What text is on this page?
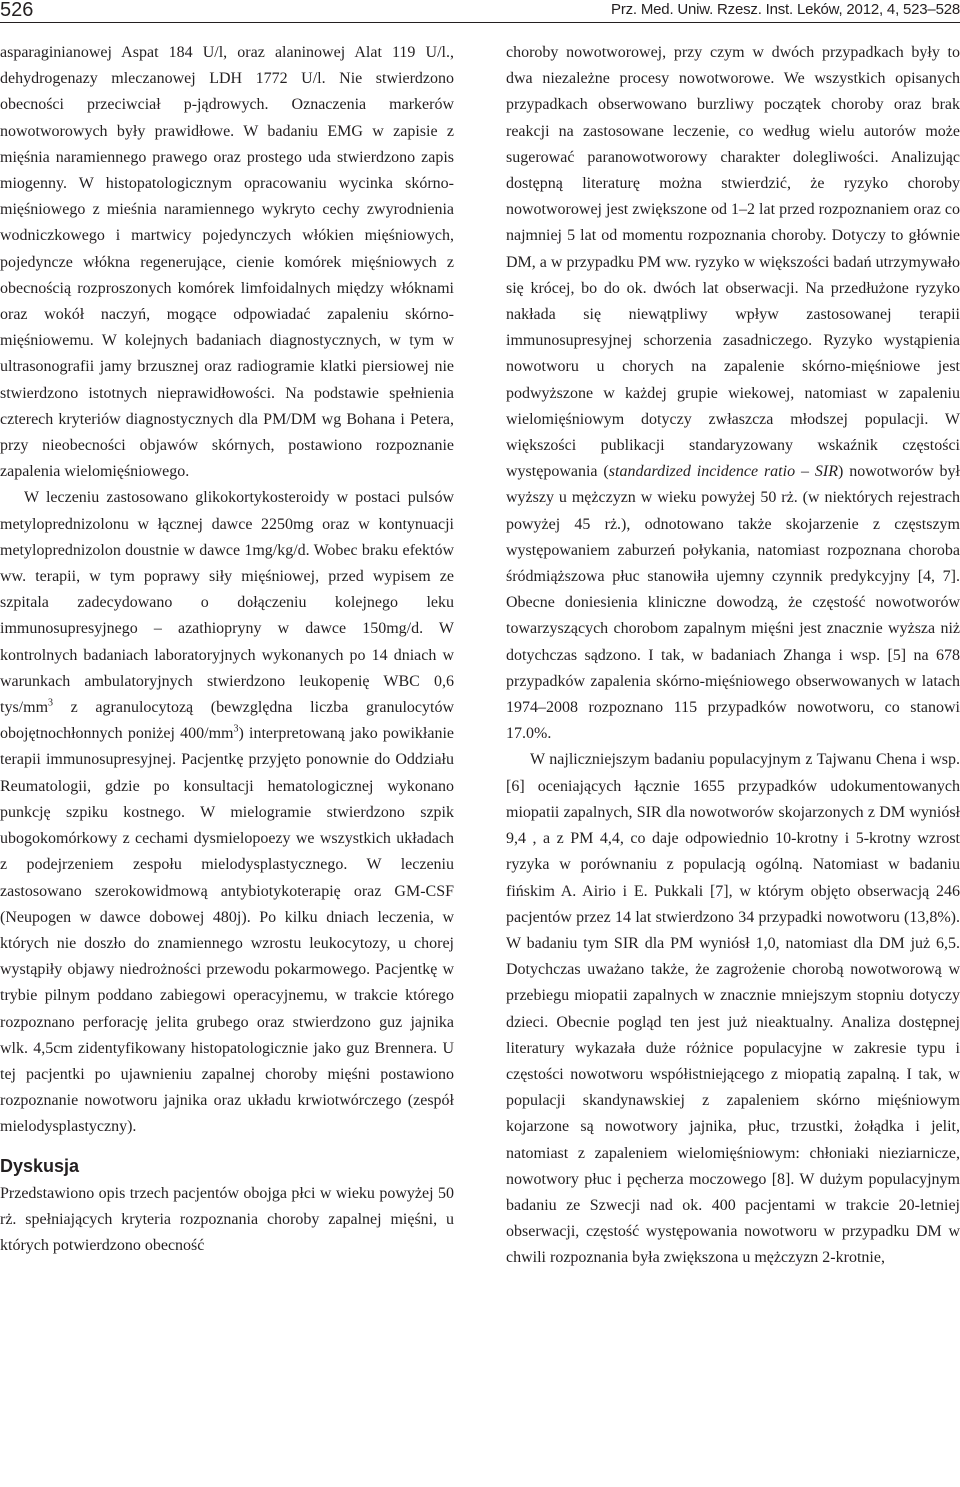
526	Prz. Med. Uniw. Rzesz. Inst. Leków, 2012, 4, 523–528

asparaginianowej Aspat 184 U/l, oraz alaninowej Alat 119 U/l., dehydrogenazy mleczanowej LDH 1772 U/l. Nie stwierdzono obecności przeciwciał p-jądrowych. Oznaczenia markerów nowotworowych były prawidłowe. W badaniu EMG w zapisie z mięśnia naramiennego prawego oraz prostego uda stwierdzono zapis miogenny. W histopatologicznym opracowaniu wycinka skórno-mięśniowego z mieśnia naramiennego wykryto cechy zwyrodnienia wodniczkowego i martwicy pojedynczych włókien mięśniowych, pojedyncze włókna regenerujące, cienie komórek mięśniowych z obecnością rozproszonych komórek limfoidalnych między włóknami oraz wokół naczyń, mogące odpowiadać zapaleniu skórno-mięśniowemu. W kolejnych badaniach diagnostycznych, w tym w ultrasonografii jamy brzusznej oraz radiogramie klatki piersiowej nie stwierdzono istotnych nieprawidłowości. Na podstawie spełnienia czterech kryteriów diagnostycznych dla PM/DM wg Bohana i Petera, przy nieobecności objawów skórnych, postawiono rozpoznanie zapalenia wielomięśniowego.

W leczeniu zastosowano glikokortykosteroidy w postaci pulsów metyloprednizolonu w łącznej dawce 2250mg oraz w kontynuacji metyloprednizolon doustnie w dawce 1mg/kg/d. Wobec braku efektów ww. terapii, w tym poprawy siły mięśniowej, przed wypisem ze szpitala zadecydowano o dołączeniu kolejnego leku immunosupresyjnego – azathiopryny w dawce 150mg/d. W kontrolnych badaniach laboratoryjnych wykonanych po 14 dniach w warunkach ambulatoryjnych stwierdzono leukopenię WBC 0,6 tys/$mm^3$ z agranulocytozą (bewzględna liczba granulocytów obojętnochłonnych poniżej $400/mm^3$) interpretowaną jako powikłanie terapii immunosupresyjnej. Pacjentkę przyjęto ponownie do Oddziału Reumatologii, gdzie po konsultacji hematologicznej wykonano punkcję szpiku kostnego. W mielogramie stwierdzono szpik ubogokomórkowy z cechami dysmielopoezy we wszystkich układach z podejrzeniem zespołu mielodysplastycznego. W leczeniu zastosowano szerokowidmową antybiotykoterapię oraz GM-CSF (Neupogen w dawce dobowej 480j). Po kilku dniach leczenia, w których nie doszło do znamiennego wzrostu leukocytozy, u chorej wystąpiły objawy niedrożności przewodu pokarmowego. Pacjentkę w trybie pilnym poddano zabiegowi operacyjnemu, w trakcie którego rozpoznano perforację jelita grubego oraz stwierdzono guz jajnika wlk. 4,5cm zidentyfikowany histopatologicznie jako guz Brennera. U tej pacjentki po ujawnieniu zapalnej choroby mięśni postawiono rozpoznanie nowotworu jajnika oraz układu krwiotwórczego (zespół mielodysplastyczny).

Dyskusja

Przedstawiono opis trzech pacjentów obojga płci w wieku powyżej 50 rż. spełniających kryteria rozpoznania choroby zapalnej mięśni, u których potwierdzono obecność

choroby nowotworowej, przy czym w dwóch przypadkach były to dwa niezależne procesy nowotworowe. We wszystkich opisanych przypadkach obserwowano burzliwy początek choroby oraz brak reakcji na zastosowane leczenie, co według wielu autorów może sugerować paranowotworowy charakter dolegliwości. Analizując dostępną literaturę można stwierdzić, że ryzyko choroby nowotworowej jest zwiększone od 1–2 lat przed rozpoznaniem oraz co najmniej 5 lat od momentu rozpoznania choroby. Dotyczy to głównie DM, a w przypadku PM ww. ryzyko w większości badań utrzymywało się krócej, bo do ok. dwóch lat obserwacji. Na przedłużone ryzyko nakłada się niewątpliwy wpływ zastosowanej terapii immunosupresyjnej schorzenia zasadniczego. Ryzyko wystąpienia nowotworu u chorych na zapalenie skórno-mięśniowe jest podwyższone w każdej grupie wiekowej, natomiast w zapaleniu wielomięśniowym dotyczy zwłaszcza młodszej populacji. W większości publikacji standaryzowany wskaźnik częstości występowania (standardized incidence ratio – SIR) nowotworów był wyższy u mężczyzn w wieku powyżej 50 rż. (w niektórych rejestrach powyżej 45 rż.), odnotowano także skojarzenie z częstszym występowaniem zaburzeń połykania, natomiast rozpoznana choroba śródmiąższowa płuc stanowiła ujemny czynnik predykcyjny [4, 7]. Obecne doniesienia kliniczne dowodzą, że częstość nowotworów towarzyszących chorobom zapalnym mięśni jest znacznie wyższa niż dotychczas sądzono. I tak, w badaniach Zhanga i wsp. [5] na 678 przypadków zapalenia skórno-mięśniowego obserwowanych w latach 1974–2008 rozpoznano 115 przypadków nowotworu, co stanowi 17.0%.

W najliczniejszym badaniu populacyjnym z Tajwanu Chena i wsp. [6] oceniających łącznie 1655 przypadków udokumentowanych miopatii zapalnych, SIR dla nowotworów skojarzonych z DM wyniósł 9,4 , a z PM 4,4, co daje odpowiednio 10-krotny i 5-krotny wzrost ryzyka w porównaniu z populacją ogólną. Natomiast w badaniu fińskim A. Airio i E. Pukkali [7], w którym objęto obserwacją 246 pacjentów przez 14 lat stwierdzono 34 przypadki nowotworu (13,8%). W badaniu tym SIR dla PM wyniósł 1,0, natomiast dla DM już 6,5. Dotychczas uważano także, że zagrożenie chorobą nowotworową w przebiegu miopatii zapalnych w znacznie mniejszym stopniu dotyczy dzieci. Obecnie pogląd ten jest już nieaktualny. Analiza dostępnej literatury wykazała duże różnice populacyjne w zakresie typu i częstości nowotworu współistniejącego z miopatią zapalną. I tak, w populacji skandynawskiej z zapaleniem skórno mięśniowym kojarzone są nowotwory jajnika, płuc, trzustki, żołądka i jelit, natomiast z zapaleniem wielomięśniowym: chłoniaki nieziarnicze, nowotwory płuc i pęcherza moczowego [8]. W dużym populacyjnym badaniu ze Szwecji nad ok. 400 pacjentami w trakcie 20-letniej obserwacji, częstość występowania nowotworu w przypadku DM w chwili rozpoznania była zwiększona u mężczyzn 2-krotnie,
